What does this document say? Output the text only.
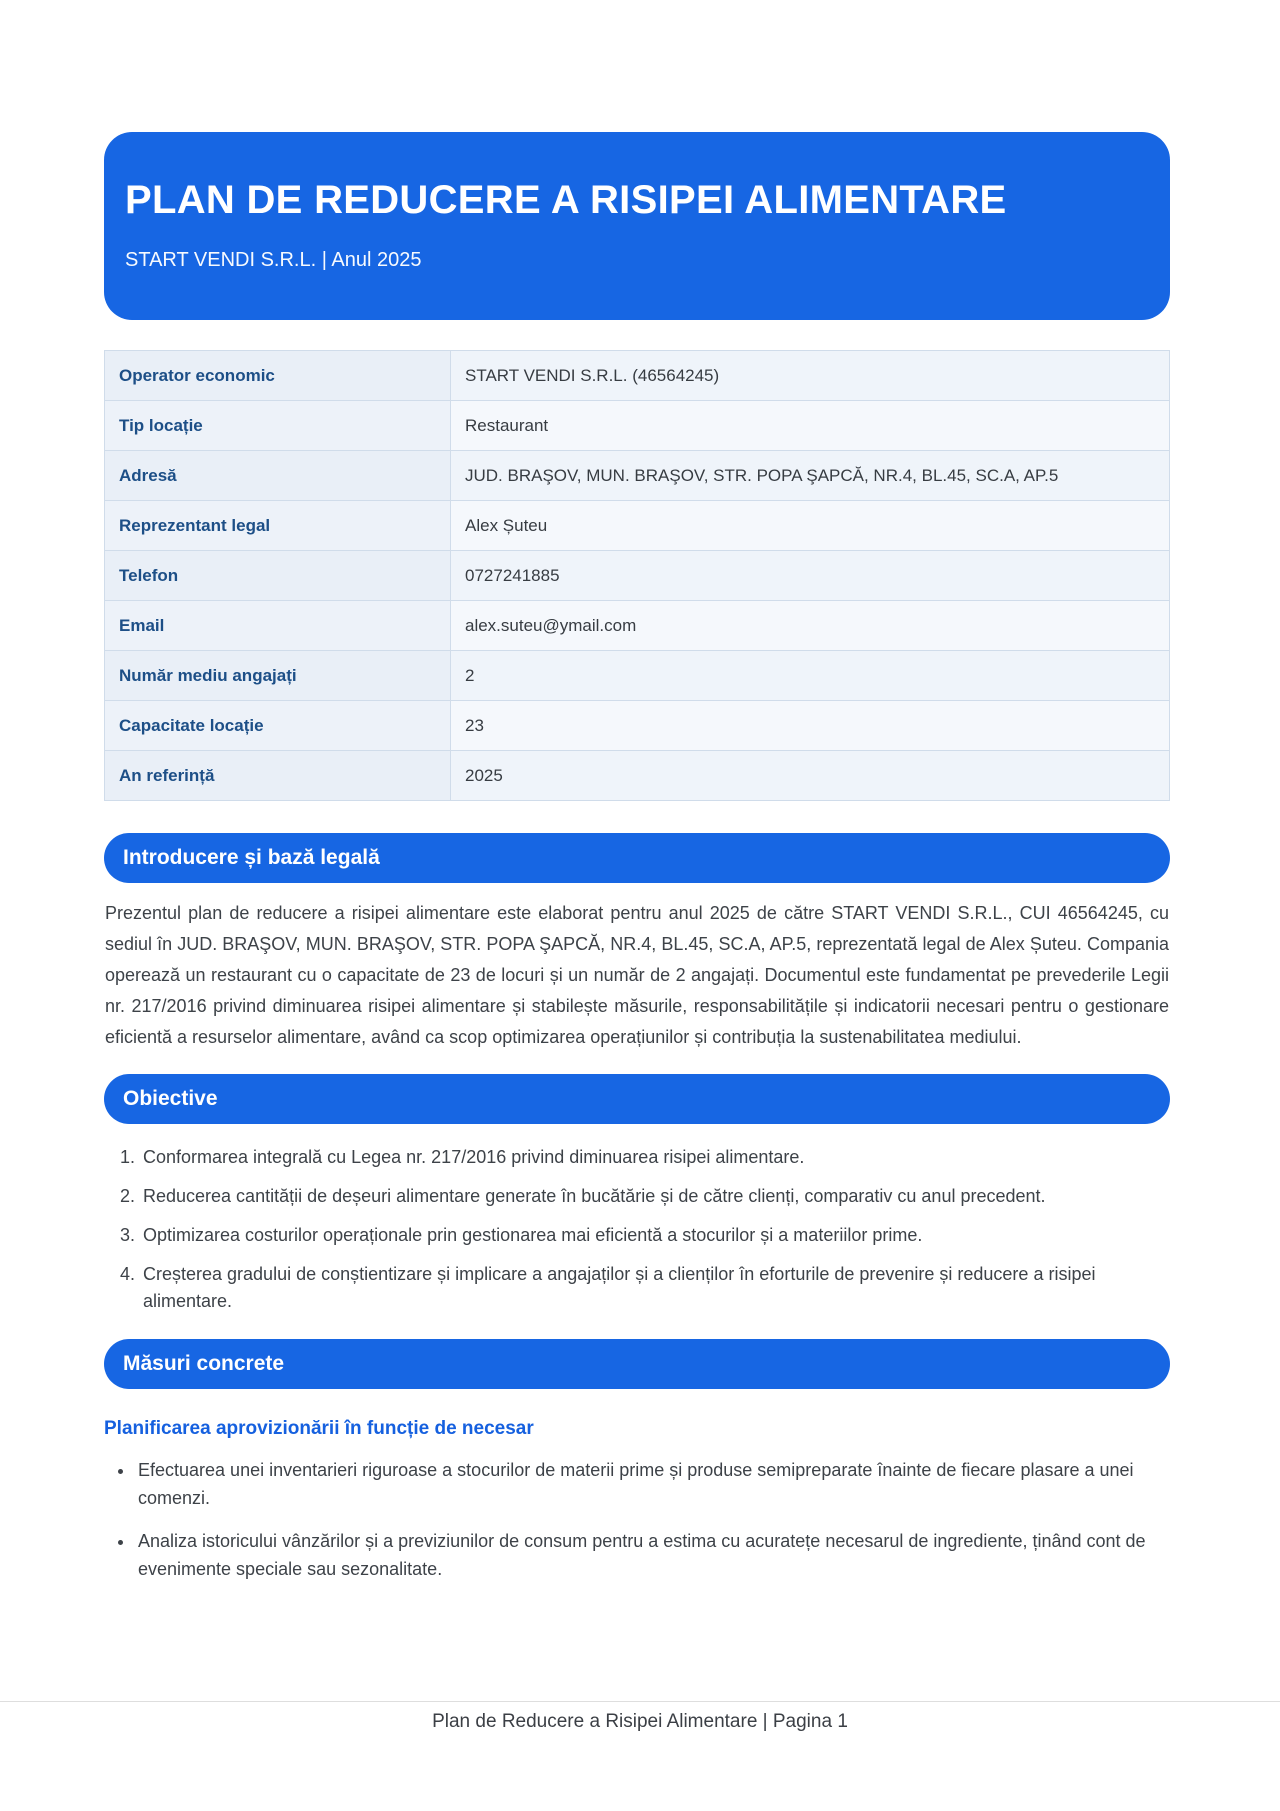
PLAN DE REDUCERE A RISIPEI ALIMENTARE
START VENDI S.R.L. | Anul 2025
Operator economic	START VENDI S.R.L. (46564245)
Tip locație	Restaurant
Adresă	JUD. BRAŞOV, MUN. BRAŞOV, STR. POPA ŞAPCĂ, NR.4, BL.45, SC.A, AP.5
Reprezentant legal	Alex Șuteu
Telefon	0727241885
Email	alex.suteu@ymail.com
Număr mediu angajați	2
Capacitate locație	23
An referință	2025
Introducere și bază legală

Prezentul plan de reducere a risipei alimentare este elaborat pentru anul 2025 de către START VENDI S.R.L., CUI 46564245, cu sediul în JUD. BRAŞOV, MUN. BRAŞOV, STR. POPA ŞAPCĂ, NR.4, BL.45, SC.A, AP.5, reprezentată legal de Alex Șuteu. Compania operează un restaurant cu o capacitate de 23 de locuri și un număr de 2 angajați. Documentul este fundamentat pe prevederile Legii nr. 217/2016 privind diminuarea risipei alimentare și stabilește măsurile, responsabilitățile și indicatorii necesari pentru o gestionare eficientă a resurselor alimentare, având ca scop optimizarea operațiunilor și contribuția la sustenabilitatea mediului.

Obiective
1. Conformarea integrală cu Legea nr. 217/2016 privind diminuarea risipei alimentare.
2. Reducerea cantității de deșeuri alimentare generate în bucătărie și de către clienți, comparativ cu anul precedent.
3. Optimizarea costurilor operaționale prin gestionarea mai eficientă a stocurilor și a materiilor prime.
4. Creșterea gradului de conștientizare și implicare a angajaților și a clienților în eforturile de prevenire și reducere a risipei alimentare.
Măsuri concrete
Planificarea aprovizionării în funcție de necesar
• Efectuarea unei inventarieri riguroase a stocurilor de materii prime și produse semipreparate înainte de fiecare plasare a unei comenzi.
• Analiza istoricului vânzărilor și a previziunilor de consum pentru a estima cu acuratețe necesarul de ingrediente, ținând cont de evenimente speciale sau sezonalitate.
Plan de Reducere a Risipei Alimentare | Pagina 1
